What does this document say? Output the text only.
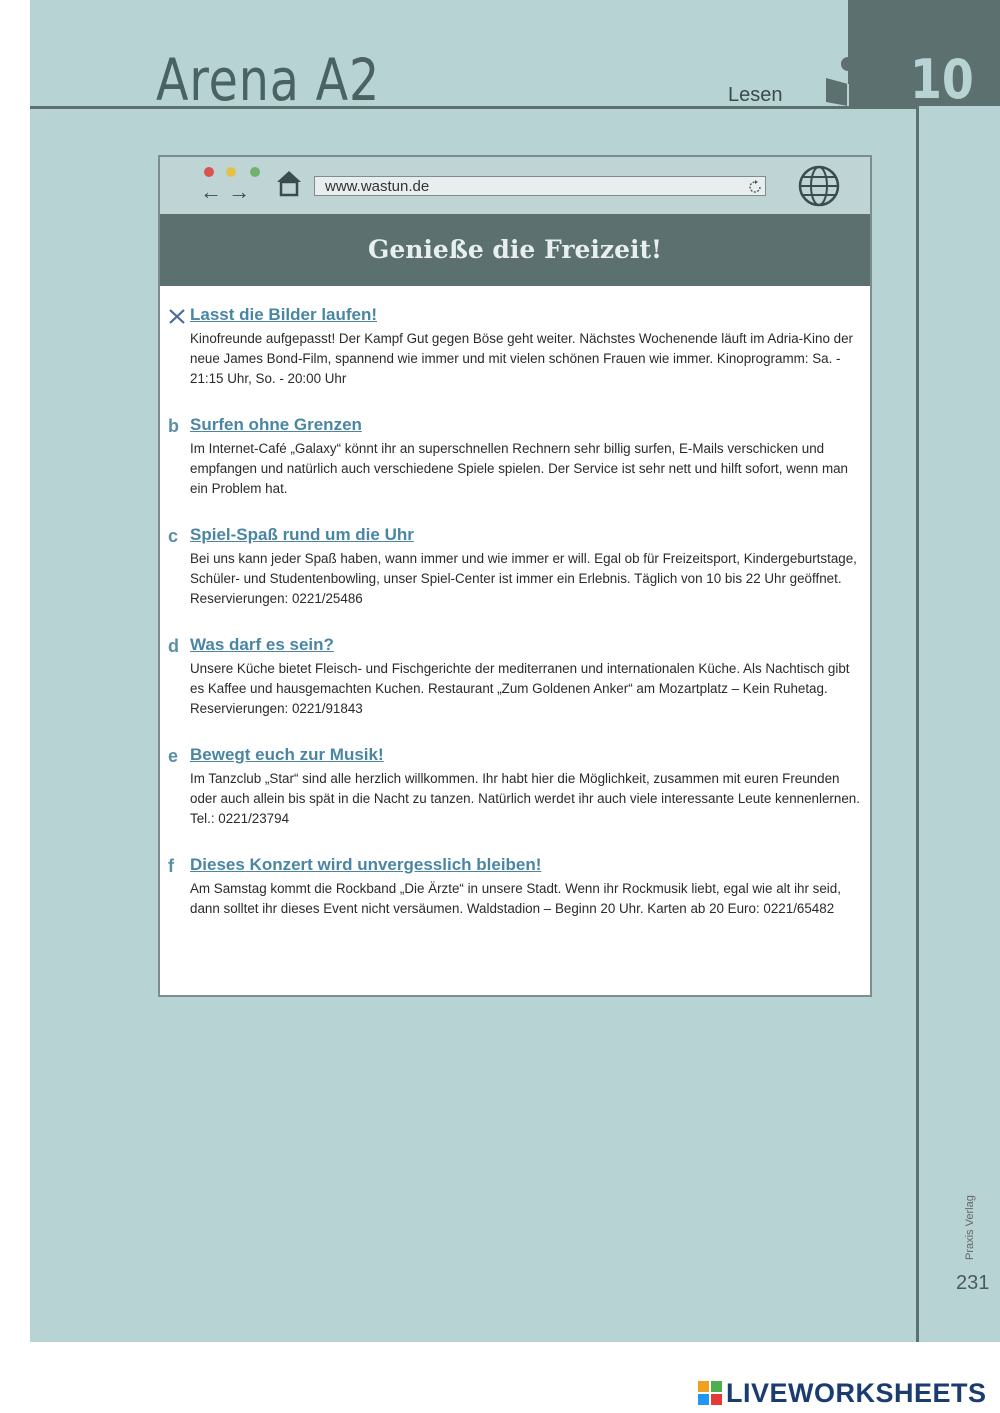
Arena A2	Lesen 10
Praxis Verlag
231
← →	www.wastun.de
Genieße die Freizeit!
Lasst die Bilder laufen!
Kinofreunde aufgepasst! Der Kampf Gut gegen Böse geht weiter. Nächstes Wochenende läuft im Adria-Kino der neue James Bond-Film, spannend wie immer und mit vielen schönen Frauen wie immer. Kinoprogramm: Sa. - 21:15 Uhr, So. - 20:00 Uhr
b Surfen ohne Grenzen
Im Internet-Café „Galaxy“ könnt ihr an superschnellen Rechnern sehr billig surfen, E-Mails verschicken und empfangen und natürlich auch verschiedene Spiele spielen. Der Service ist sehr nett und hilft sofort, wenn man ein Problem hat.
c Spiel-Spaß rund um die Uhr
Bei uns kann jeder Spaß haben, wann immer und wie immer er will. Egal ob für Freizeitsport, Kindergeburtstage, Schüler- und Studentenbowling, unser Spiel-Center ist immer ein Erlebnis. Täglich von 10 bis 22 Uhr geöffnet. Reservierungen: 0221/25486
d Was darf es sein?
Unsere Küche bietet Fleisch- und Fischgerichte der mediterranen und internationalen Küche. Als Nachtisch gibt es Kaffee und hausgemachten Kuchen. Restaurant „Zum Goldenen Anker“ am Mozartplatz – Kein Ruhetag. Reservierungen: 0221/91843
e Bewegt euch zur Musik!
Im Tanzclub „Star“ sind alle herzlich willkommen. Ihr habt hier die Möglichkeit, zusammen mit euren Freunden oder auch allein bis spät in die Nacht zu tanzen. Natürlich werdet ihr auch viele interessante Leute kennenlernen. Tel.: 0221/23794
f Dieses Konzert wird unvergesslich bleiben!
Am Samstag kommt die Rockband „Die Ärzte“ in unsere Stadt. Wenn ihr Rockmusik liebt, egal wie alt ihr seid, dann solltet ihr dieses Event nicht versäumen. Waldstadion – Beginn 20 Uhr. Karten ab 20 Euro: 0221/65482
LIVEWORKSHEETS
